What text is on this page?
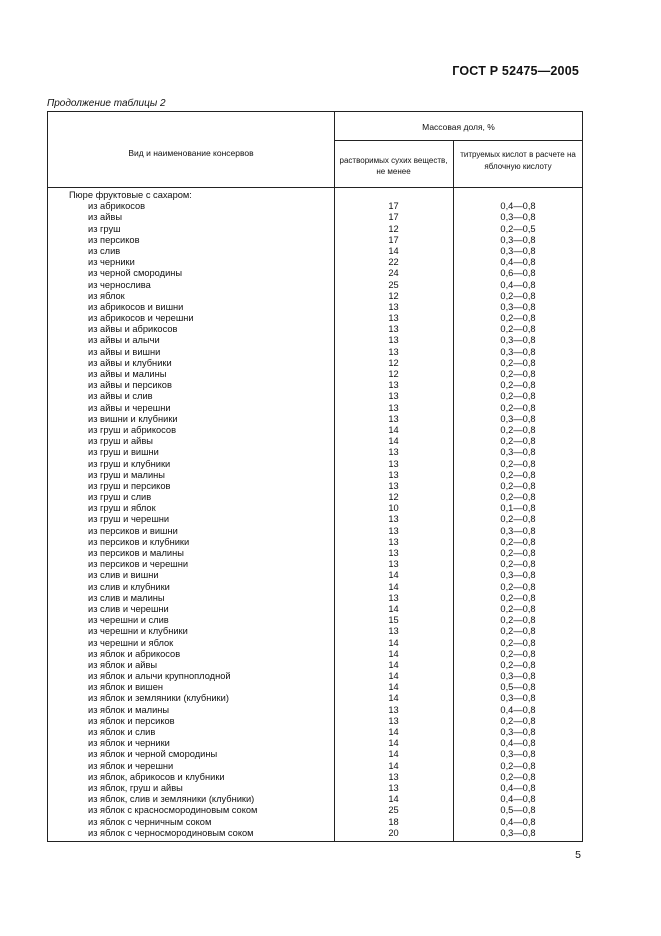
ГОСТ Р 52475—2005
Продолжение таблицы 2
Вид и наименование консервов
Массовая доля, %
растворимых сухих веществ, не менее
титруемых кислот в расчете на яблочную кислоту
Пюре фруктовые с сахаром:
из абрикосов	17	0,4—0,8
из айвы	17	0,3—0,8
из груш	12	0,2—0,5
из персиков	17	0,3—0,8
из слив	14	0,3—0,8
из черники	22	0,4—0,8
из черной смородины	24	0,6—0,8
из чернослива	25	0,4—0,8
из яблок	12	0,2—0,8
из абрикосов и вишни	13	0,3—0,8
из абрикосов и черешни	13	0,2—0,8
из айвы и абрикосов	13	0,2—0,8
из айвы и алычи	13	0,3—0,8
из айвы и вишни	13	0,3—0,8
из айвы и клубники	12	0,2—0,8
из айвы и малины	12	0,2—0,8
из айвы и персиков	13	0,2—0,8
из айвы и слив	13	0,2—0,8
из айвы и черешни	13	0,2—0,8
из вишни и клубники	13	0,3—0,8
из груш и абрикосов	14	0,2—0,8
из груш и айвы	14	0,2—0,8
из груш и вишни	13	0,3—0,8
из груш и клубники	13	0,2—0,8
из груш и малины	13	0,2—0,8
из груш и персиков	13	0,2—0,8
из груш и слив	12	0,2—0,8
из груш и яблок	10	0,1—0,8
из груш и черешни	13	0,2—0,8
из персиков и вишни	13	0,3—0,8
из персиков и клубники	13	0,2—0,8
из персиков и малины	13	0,2—0,8
из персиков и черешни	13	0,2—0,8
из слив и вишни	14	0,3—0,8
из слив и клубники	14	0,2—0,8
из слив и малины	13	0,2—0,8
из слив и черешни	14	0,2—0,8
из черешни и слив	15	0,2—0,8
из черешни и клубники	13	0,2—0,8
из черешни и яблок	14	0,2—0,8
из яблок и абрикосов	14	0,2—0,8
из яблок и айвы	14	0,2—0,8
из яблок и алычи крупноплодной	14	0,3—0,8
из яблок и вишен	14	0,5—0,8
из яблок и земляники (клубники)	14	0,3—0,8
из яблок и малины	13	0,4—0,8
из яблок и персиков	13	0,2—0,8
из яблок и слив	14	0,3—0,8
из яблок и черники	14	0,4—0,8
из яблок и черной смородины	14	0,3—0,8
из яблок и черешни	14	0,2—0,8
из яблок, абрикосов и клубники	13	0,2—0,8
из яблок, груш и айвы	13	0,4—0,8
из яблок, слив и земляники (клубники)	14	0,4—0,8
из яблок с красносмородиновым соком	25	0,5—0,8
из яблок с черничным соком	18	0,4—0,8
из яблок с черносмородиновым соком	20	0,3—0,8
5
